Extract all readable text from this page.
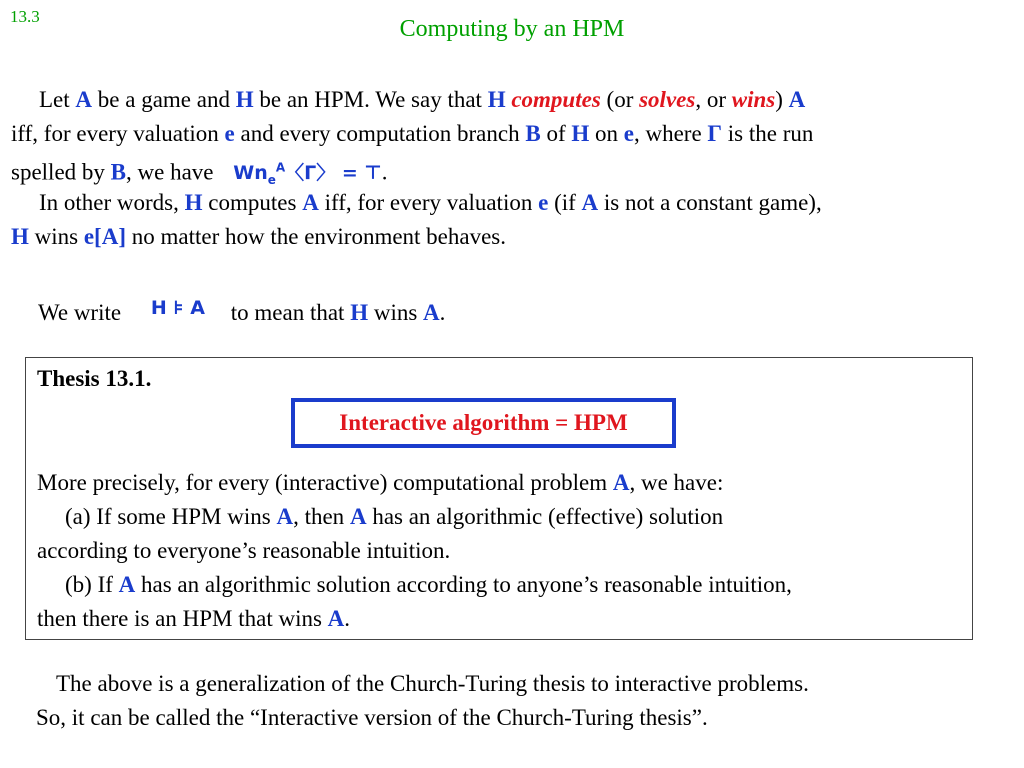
13.3	Computing by an HPM
Let A be a game and H be an HPM. We say that H computes (or solves, or wins) A
iff, for every valuation e and every computation branch B of H on e, where Γ is the run
spelled by B, we have $Wn_e^A$〈Γ〉 = ⊤.
In other words, H computes A iff, for every valuation e (if A is not a constant game),
H wins e[A] no matter how the environment behaves.
We write $^{H ⊧ A}$ to mean that H wins A.
Thesis 13.1.
Interactive algorithm = HPM
More precisely, for every (interactive) computational problem A, we have:
(a) If some HPM wins A, then A has an algorithmic (effective) solution
according to everyone’s reasonable intuition.
(b) If A has an algorithmic solution according to anyone’s reasonable intuition,
then there is an HPM that wins A.
The above is a generalization of the Church-Turing thesis to interactive problems.
So, it can be called the “Interactive version of the Church-Turing thesis”.
